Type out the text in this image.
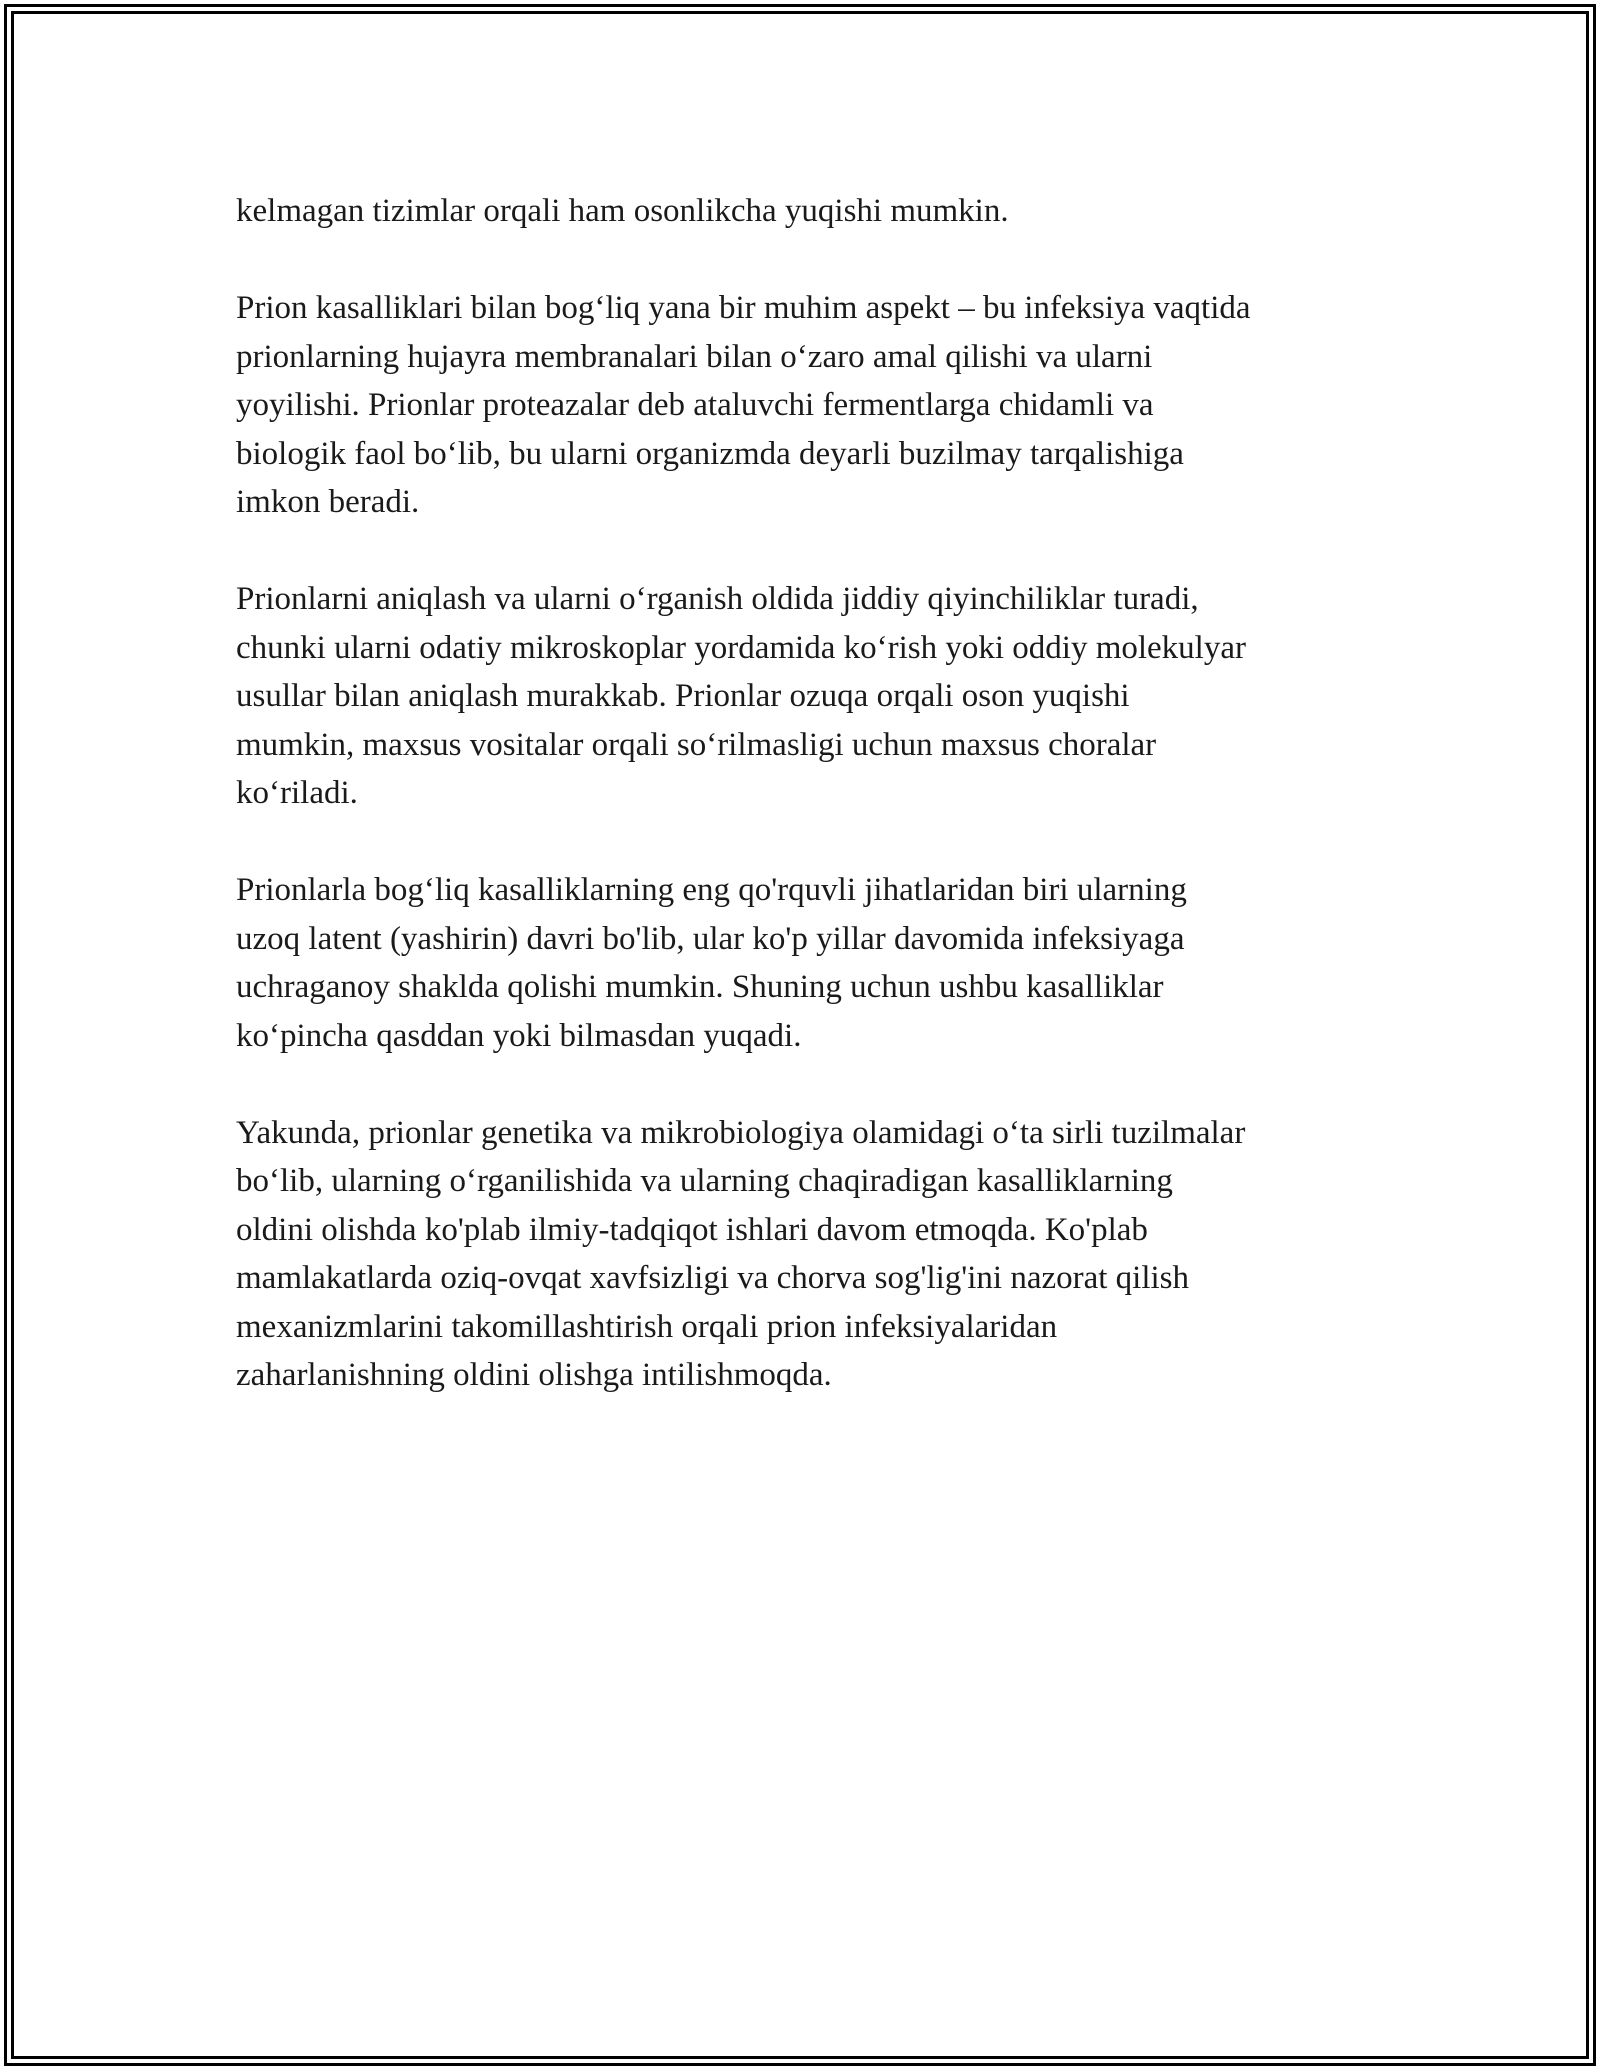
kelmagan tizimlar orqali ham osonlikcha yuqishi mumkin.

Prion kasalliklari bilan bog‘liq yana bir muhim aspekt – bu infeksiya vaqtida
prionlarning hujayra membranalari bilan o‘zaro amal qilishi va ularni
yoyilishi. Prionlar proteazalar deb ataluvchi fermentlarga chidamli va
biologik faol bo‘lib, bu ularni organizmda deyarli buzilmay tarqalishiga
imkon beradi.

Prionlarni aniqlash va ularni o‘rganish oldida jiddiy qiyinchiliklar turadi,
chunki ularni odatiy mikroskoplar yordamida ko‘rish yoki oddiy molekulyar
usullar bilan aniqlash murakkab. Prionlar ozuqa orqali oson yuqishi
mumkin, maxsus vositalar orqali so‘rilmasligi uchun maxsus choralar
ko‘riladi.

Prionlarla bog‘liq kasalliklarning eng qo'rquvli jihatlaridan biri ularning
uzoq latent (yashirin) davri bo'lib, ular ko'p yillar davomida infeksiyaga
uchraganoy shaklda qolishi mumkin. Shuning uchun ushbu kasalliklar
ko‘pincha qasddan yoki bilmasdan yuqadi.

Yakunda, prionlar genetika va mikrobiologiya olamidagi o‘ta sirli tuzilmalar
bo‘lib, ularning o‘rganilishida va ularning chaqiradigan kasalliklarning
oldini olishda ko'plab ilmiy-tadqiqot ishlari davom etmoqda. Ko'plab
mamlakatlarda oziq-ovqat xavfsizligi va chorva sog'lig'ini nazorat qilish
mexanizmlarini takomillashtirish orqali prion infeksiyalaridan
zaharlanishning oldini olishga intilishmoqda.
